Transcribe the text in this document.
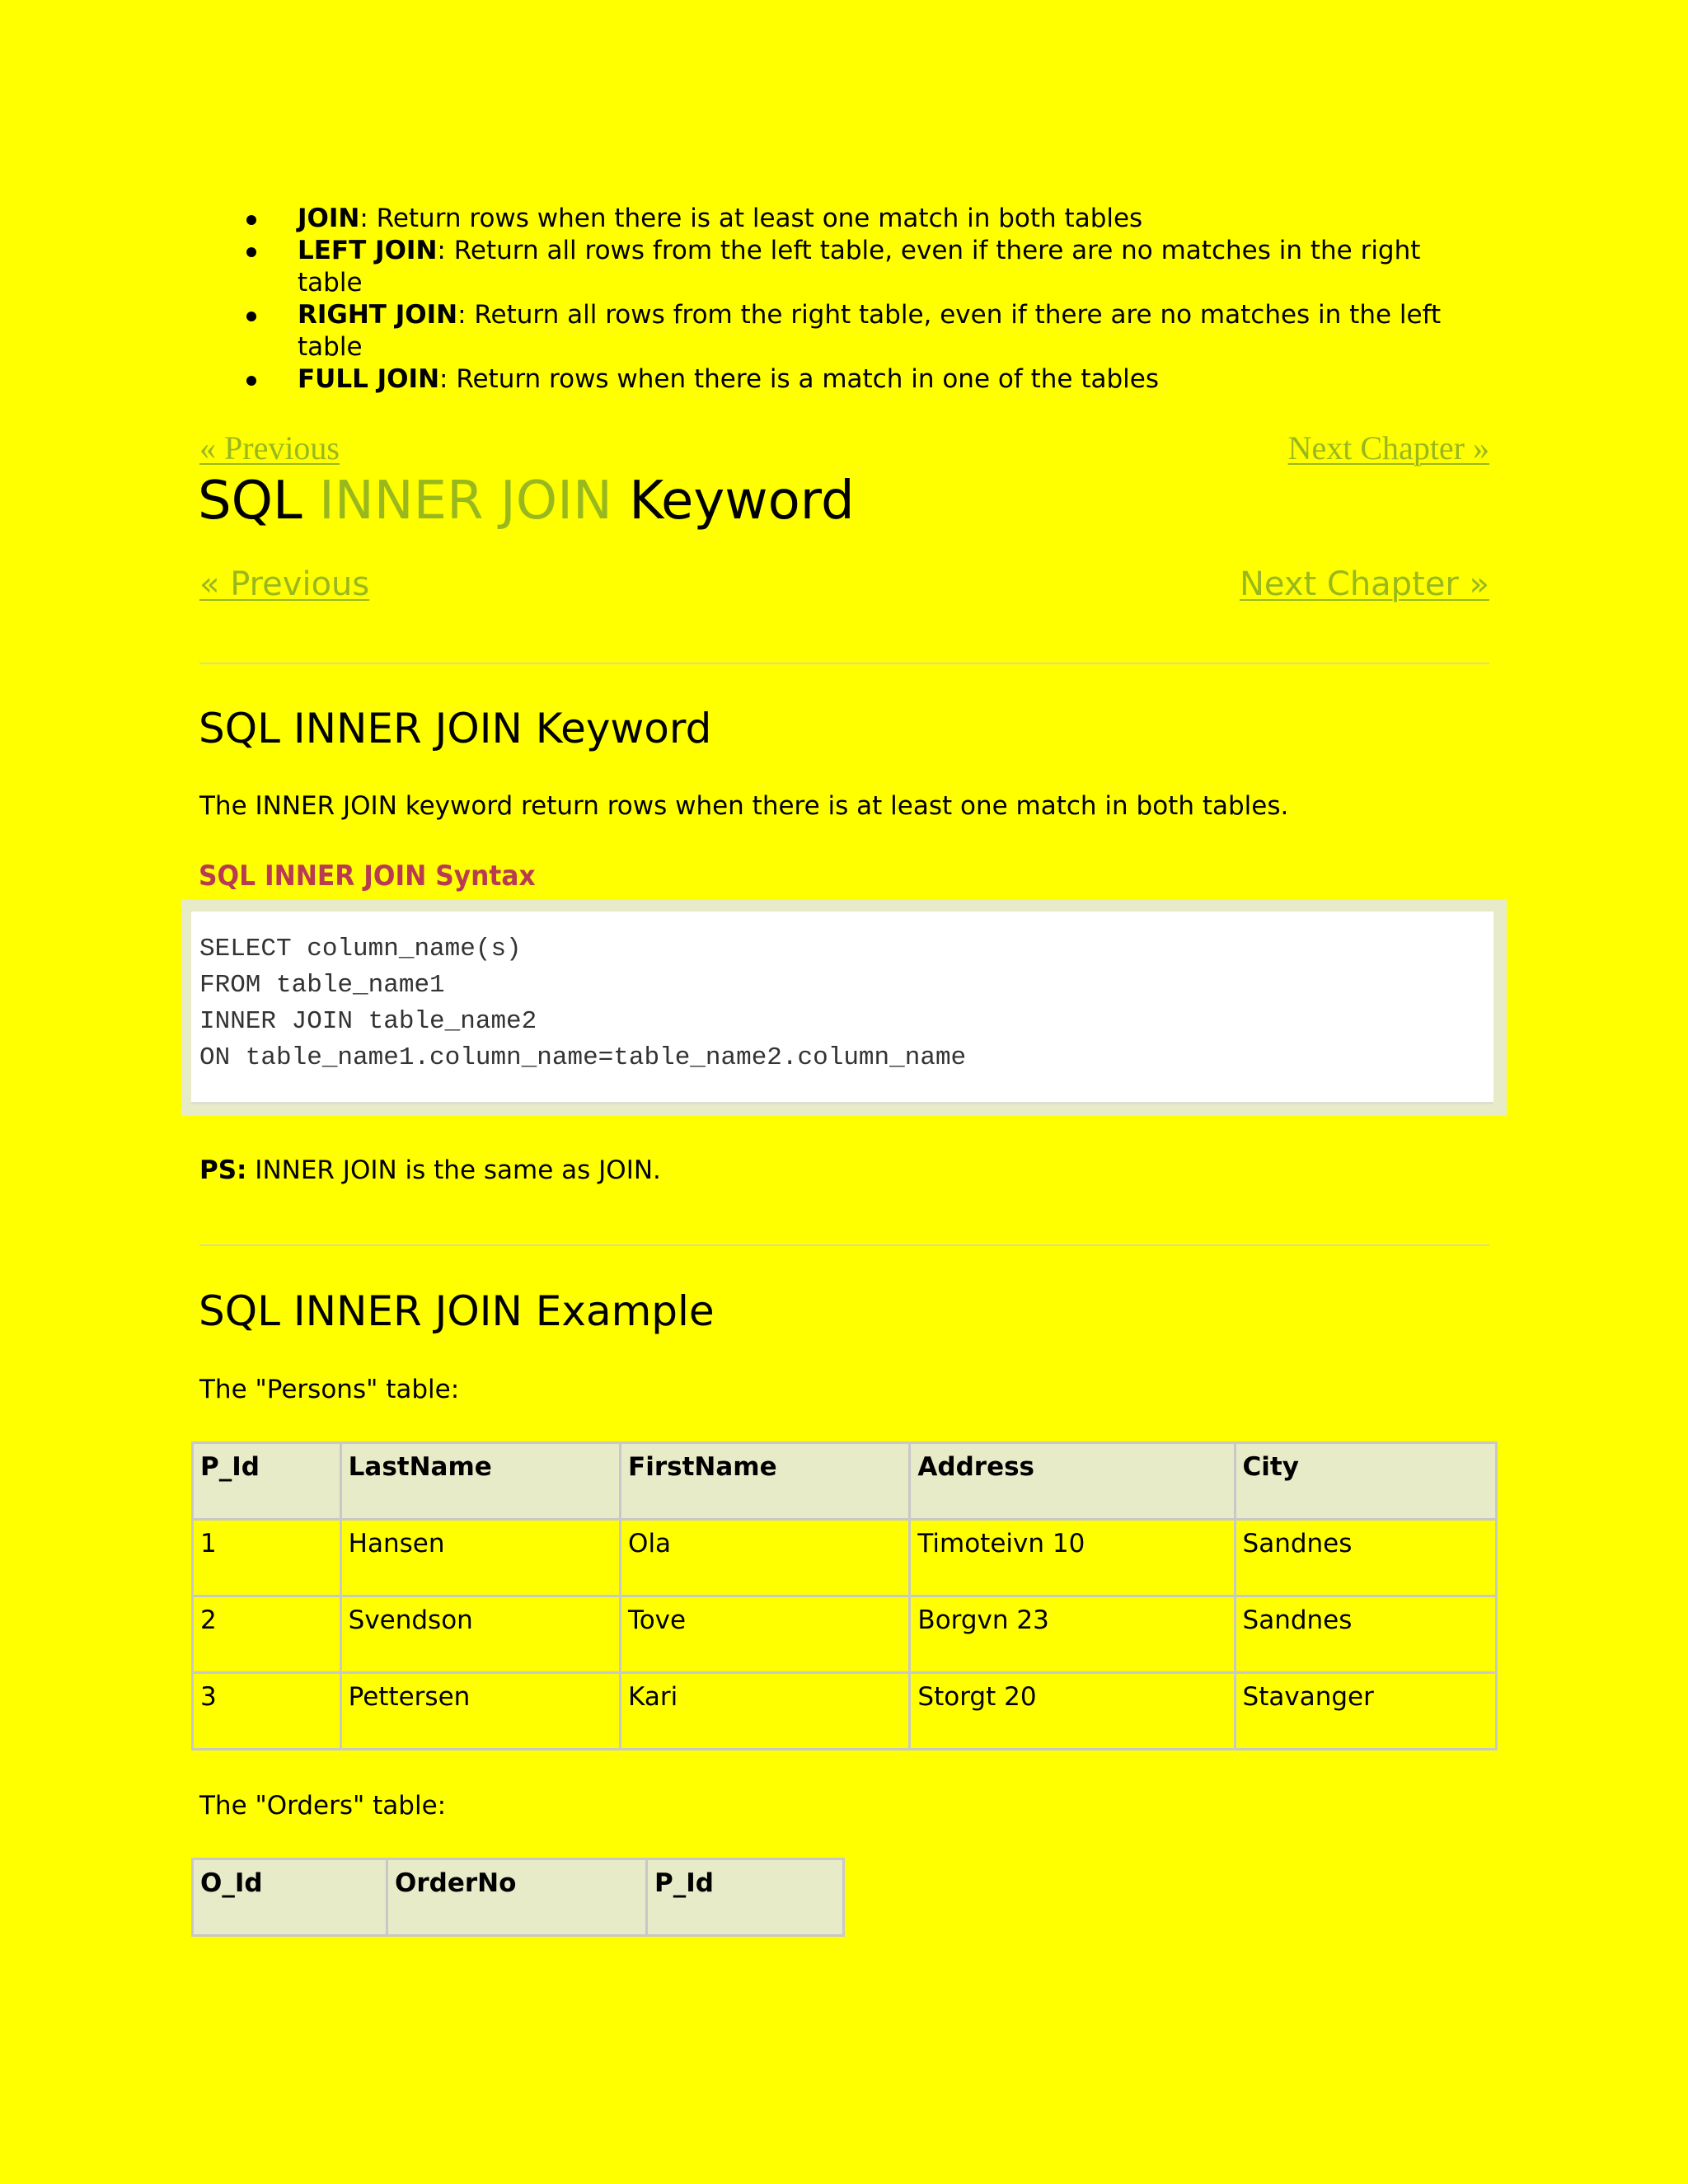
JOIN: Return rows when there is at least one match in both tables
LEFT JOIN: Return all rows from the left table, even if there are no matches in the right table
RIGHT JOIN: Return all rows from the right table, even if there are no matches in the left table
FULL JOIN: Return rows when there is a match in one of the tables
« Previous	Next Chapter »
SQL INNER JOIN Keyword
« Previous	Next Chapter »
SQL INNER JOIN Keyword

The INNER JOIN keyword return rows when there is at least one match in both tables.

SQL INNER JOIN Syntax
SELECT column_name(s)
FROM table_name1
INNER JOIN table_name2
ON table_name1.column_name=table_name2.column_name

PS: INNER JOIN is the same as JOIN.

SQL INNER JOIN Example

The "Persons" table:

P_Id	LastName	FirstName	Address	City
1	Hansen	Ola	Timoteivn 10	Sandnes
2	Svendson	Tove	Borgvn 23	Sandnes
3	Pettersen	Kari	Storgt 20	Stavanger

The "Orders" table:

O_Id	OrderNo	P_Id
